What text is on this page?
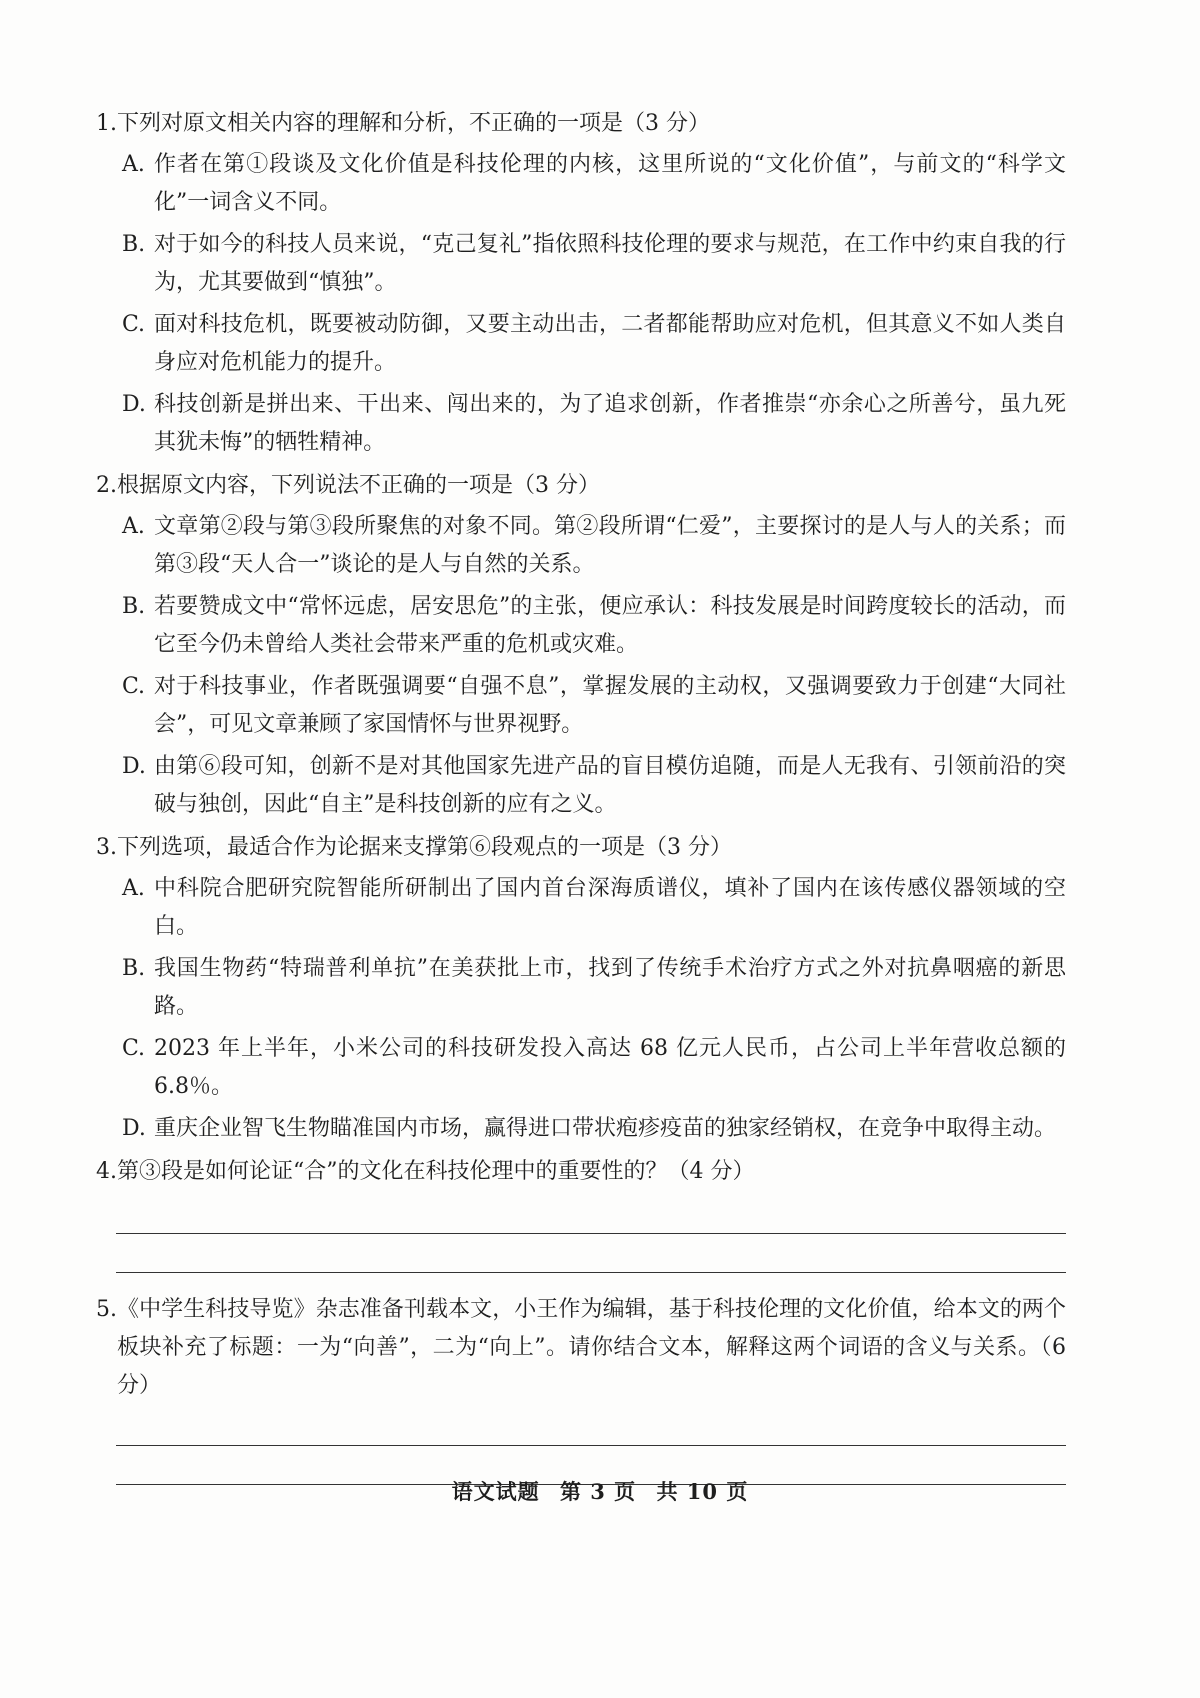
1. 下列对原文相关内容的理解和分析，不正确的一项是（3 分）
A. 作者在第①段谈及文化价值是科技伦理的内核，这里所说的“文化价值”，与前文的“科学文化”一词含义不同。
B. 对于如今的科技人员来说，“克己复礼”指依照科技伦理的要求与规范，在工作中约束自我的行为，尤其要做到“慎独”。
C. 面对科技危机，既要被动防御，又要主动出击，二者都能帮助应对危机，但其意义不如人类自身应对危机能力的提升。
D. 科技创新是拼出来、干出来、闯出来的，为了追求创新，作者推崇“亦余心之所善兮，虽九死其犹未悔”的牺牲精神。
2. 根据原文内容，下列说法不正确的一项是（3 分）
A. 文章第②段与第③段所聚焦的对象不同。第②段所谓“仁爱”，主要探讨的是人与人的关系；而第③段“天人合一”谈论的是人与自然的关系。
B. 若要赞成文中“常怀远虑，居安思危”的主张，便应承认：科技发展是时间跨度较长的活动，而它至今仍未曾给人类社会带来严重的危机或灾难。
C. 对于科技事业，作者既强调要“自强不息”，掌握发展的主动权，又强调要致力于创建“大同社会”，可见文章兼顾了家国情怀与世界视野。
D. 由第⑥段可知，创新不是对其他国家先进产品的盲目模仿追随，而是人无我有、引领前沿的突破与独创，因此“自主”是科技创新的应有之义。
3. 下列选项，最适合作为论据来支撑第⑥段观点的一项是（3 分）
A. 中科院合肥研究院智能所研制出了国内首台深海质谱仪，填补了国内在该传感仪器领域的空白。
B. 我国生物药“特瑞普利单抗”在美获批上市，找到了传统手术治疗方式之外对抗鼻咽癌的新思路。
C. 2023 年上半年，小米公司的科技研发投入高达 68 亿元人民币，占公司上半年营收总额的 6.8％。
D. 重庆企业智飞生物瞄准国内市场，赢得进口带状疱疹疫苗的独家经销权，在竞争中取得主动。
4. 第③段是如何论证“合”的文化在科技伦理中的重要性的？（4 分）
5. 《中学生科技导览》杂志准备刊载本文，小王作为编辑，基于科技伦理的文化价值，给本文的两个板块补充了标题：一为“向善”，二为“向上”。请你结合文本，解释这两个词语的含义与关系。（6 分）
语文试题 第 3 页 共 10 页
